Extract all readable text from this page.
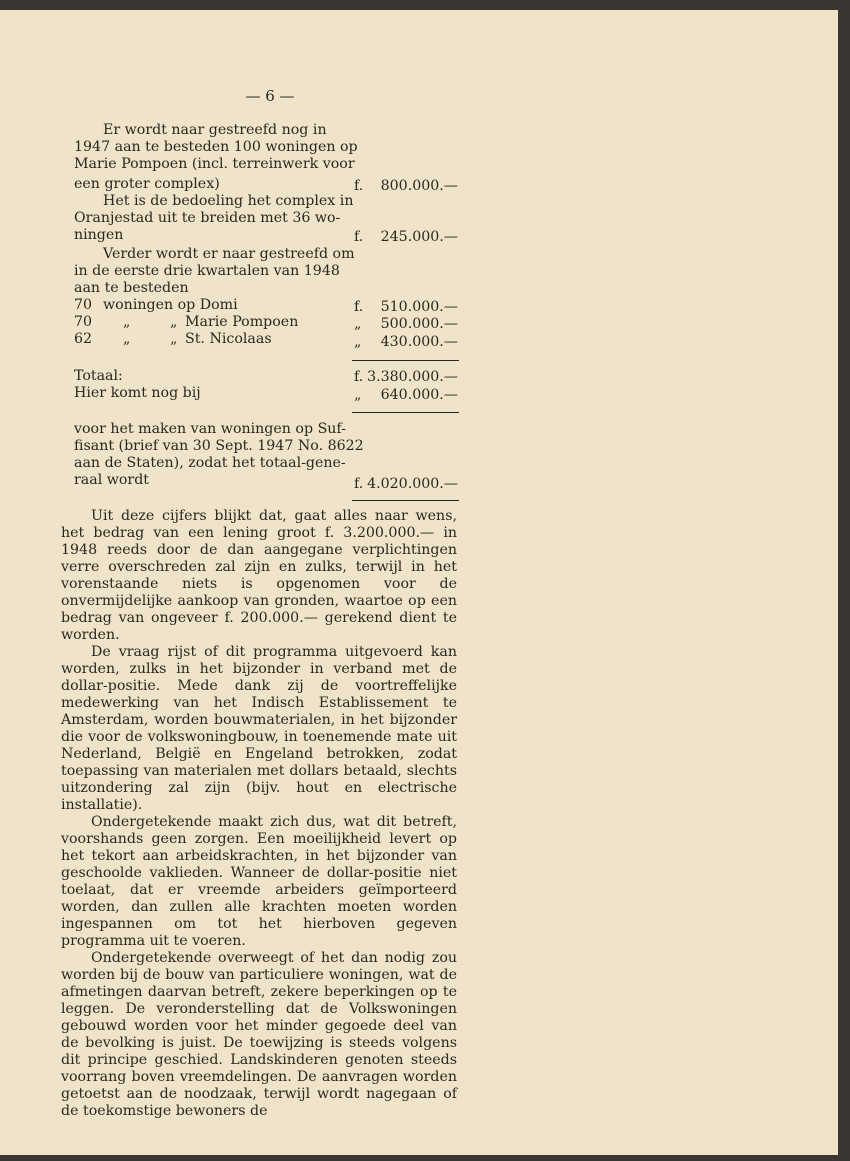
— 6 —
Er wordt naar gestreefd nog in
1947 aan te besteden 100 woningen op
Marie Pompoen (incl. terreinwerk voor
een groter complex)	f. 800.000.—
Het is de bedoeling het complex in
Oranjestad uit te breiden met 36 wo-
ningen	f. 245.000.—
Verder wordt er naar gestreefd om
in de eerste drie kwartalen van 1948
aan te besteden
70 woningen op Domi	f. 510.000.—
70 „	„ Marie Pompoen	„ 500.000.—
62 „	„ St. Nicolaas	„ 430.000.—
Totaal:	f. 3.380.000.—
Hier komt nog bij	„ 640.000.—
voor het maken van woningen op Suf-
fisant (brief van 30 Sept. 1947 No. 8622
aan de Staten), zodat het totaal-gene-
raal wordt	f. 4.020.000.—

Uit deze cijfers blijkt dat, gaat alles naar wens, het bedrag van een lening groot f. 3.200.000.— in 1948 reeds door de dan aangegane verplichtingen verre overschreden zal zijn en zulks, terwijl in het vorenstaande niets is opgenomen voor de onvermijdelijke aankoop van gronden, waartoe op een bedrag van ongeveer f. 200.000.— gerekend dient te worden.

De vraag rijst of dit programma uitgevoerd kan worden, zulks in het bijzonder in verband met de dollar-positie. Mede dank zij de voortreffelijke medewerking van het Indisch Establissement te Amsterdam, worden bouwmaterialen, in het bijzonder die voor de volkswoningbouw, in toenemende mate uit Nederland, België en Engeland betrokken, zodat toepassing van materialen met dollars betaald, slechts uitzondering zal zijn (bijv. hout en electrische installatie).

Ondergetekende maakt zich dus, wat dit betreft, voorshands geen zorgen. Een moeilijkheid levert op het tekort aan arbeidskrachten, in het bijzonder van geschoolde vaklieden. Wanneer de dollar-positie niet toelaat, dat er vreemde arbeiders geïmporteerd worden, dan zullen alle krachten moeten worden ingespannen om tot het hierboven gegeven programma uit te voeren.

Ondergetekende overweegt of het dan nodig zou worden bij de bouw van particuliere woningen, wat de afmetingen daarvan betreft, zekere beperkingen op te leggen. De veronderstelling dat de Volkswoningen gebouwd worden voor het minder gegoede deel van de bevolking is juist. De toewijzing is steeds volgens dit principe geschied. Landskinderen genoten steeds voorrang boven vreemdelingen. De aanvragen worden getoetst aan de noodzaak, terwijl wordt nagegaan of de toekomstige bewoners de
